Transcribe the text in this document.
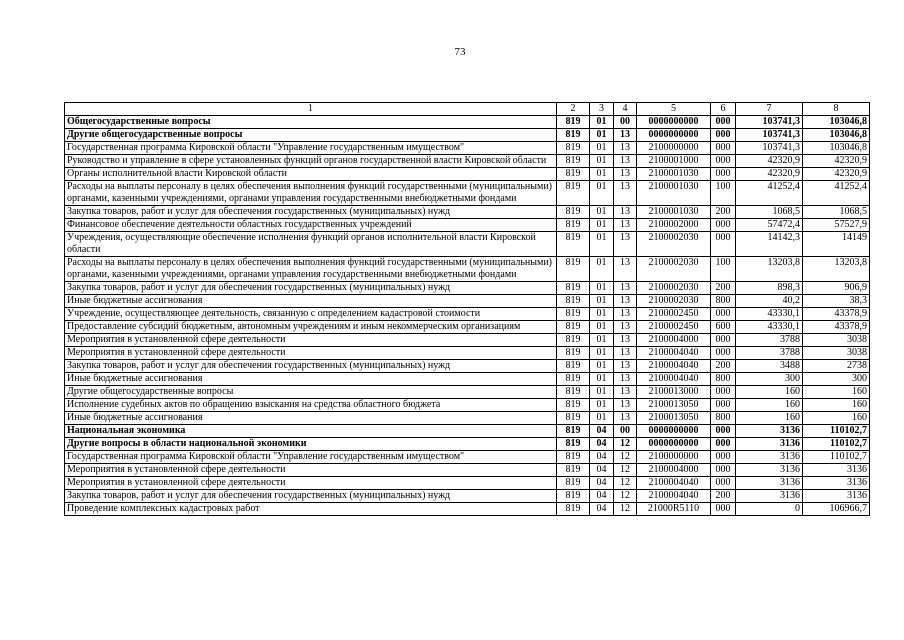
73
1	2	3	4	5	6	7	8
Общегосударственные вопросы	819	01	00	0000000000	000	103741,3	103046,8
Другие общегосударственные вопросы	819	01	13	0000000000	000	103741,3	103046,8
Государственная программа Кировской области "Управление государственным имуществом"	819	01	13	2100000000	000	103741,3	103046,8
Руководство и управление в сфере установленных функций органов государственной власти Кировской области	819	01	13	2100001000	000	42320,9	42320,9
Органы исполнительной власти Кировской области	819	01	13	2100001030	000	42320,9	42320,9
Расходы на выплаты персоналу в целях обеспечения выполнения функций государственными (муниципальными) органами, казенными учреждениями, органами управления государственными внебюджетными фондами	819	01	13	2100001030	100	41252,4	41252,4
Закупка товаров, работ и услуг для обеспечения государственных (муниципальных) нужд	819	01	13	2100001030	200	1068,5	1068,5
Финансовое обеспечение деятельности областных государственных учреждений	819	01	13	2100002000	000	57472,4	57527,9
Учреждения, осуществляющие обеспечение исполнения функций органов исполнительной власти Кировской области	819	01	13	2100002030	000	14142,3	14149
Расходы на выплаты персоналу в целях обеспечения выполнения функций государственными (муниципальными) органами, казенными учреждениями, органами управления государственными внебюджетными фондами	819	01	13	2100002030	100	13203,8	13203,8
Закупка товаров, работ и услуг для обеспечения государственных (муниципальных) нужд	819	01	13	2100002030	200	898,3	906,9
Иные бюджетные ассигнования	819	01	13	2100002030	800	40,2	38,3
Учреждение, осуществляющее деятельность, связанную с определением кадастровой стоимости	819	01	13	2100002450	000	43330,1	43378,9
Предоставление субсидий бюджетным, автономным учреждениям и иным некоммерческим организациям	819	01	13	2100002450	600	43330,1	43378,9
Мероприятия в установленной сфере деятельности	819	01	13	2100004000	000	3788	3038
Мероприятия в установленной сфере деятельности	819	01	13	2100004040	000	3788	3038
Закупка товаров, работ и услуг для обеспечения государственных (муниципальных) нужд	819	01	13	2100004040	200	3488	2738
Иные бюджетные ассигнования	819	01	13	2100004040	800	300	300
Другие общегосударственные вопросы	819	01	13	2100013000	000	160	160
Исполнение судебных актов по обращению взыскания на средства областного бюджета	819	01	13	2100013050	000	160	160
Иные бюджетные ассигнования	819	01	13	2100013050	800	160	160
Национальная экономика	819	04	00	0000000000	000	3136	110102,7
Другие вопросы в области национальной экономики	819	04	12	0000000000	000	3136	110102,7
Государственная программа Кировской области "Управление государственным имуществом"	819	04	12	2100000000	000	3136	110102,7
Мероприятия в установленной сфере деятельности	819	04	12	2100004000	000	3136	3136
Мероприятия в установленной сфере деятельности	819	04	12	2100004040	000	3136	3136
Закупка товаров, работ и услуг для обеспечения государственных (муниципальных) нужд	819	04	12	2100004040	200	3136	3136
Проведение комплексных кадастровых работ	819	04	12	21000R5110	000	0	106966,7
